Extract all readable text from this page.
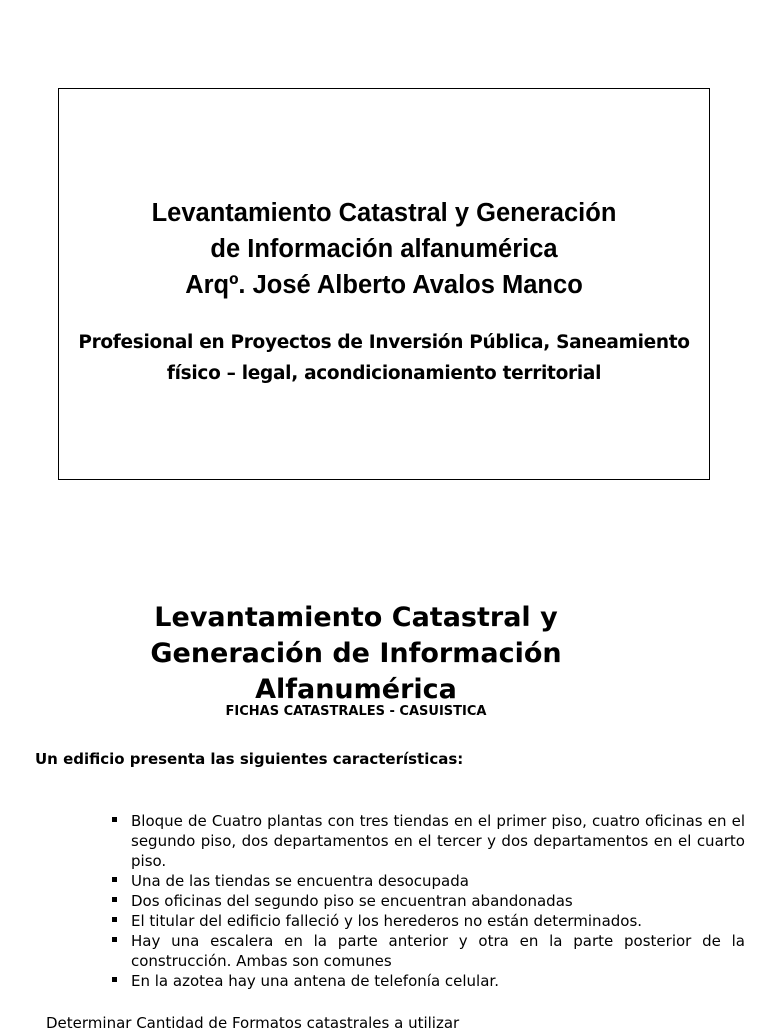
Levantamiento Catastral y Generación
de Información alfanumérica
Arqº. José Alberto Avalos Manco
Profesional en Proyectos de Inversión Pública, Saneamiento
físico – legal, acondicionamiento territorial
Levantamiento Catastral y
Generación de Información
Alfanumérica
FICHAS CATASTRALES - CASUISTICA
Un edificio presenta las siguientes características:
Bloque de Cuatro plantas con tres tiendas en el primer piso, cuatro oficinas en el segundo piso, dos departamentos en el tercer y dos departamentos en el cuarto piso.
Una de las tiendas se encuentra desocupada
Dos oficinas del segundo piso se encuentran abandonadas
El titular del edificio falleció y los herederos no están determinados.
Hay una escalera en la parte anterior y otra en la parte posterior de la construcción. Ambas son comunes
En la azotea hay una antena de telefonía celular.
Determinar Cantidad de Formatos catastrales a utilizar
